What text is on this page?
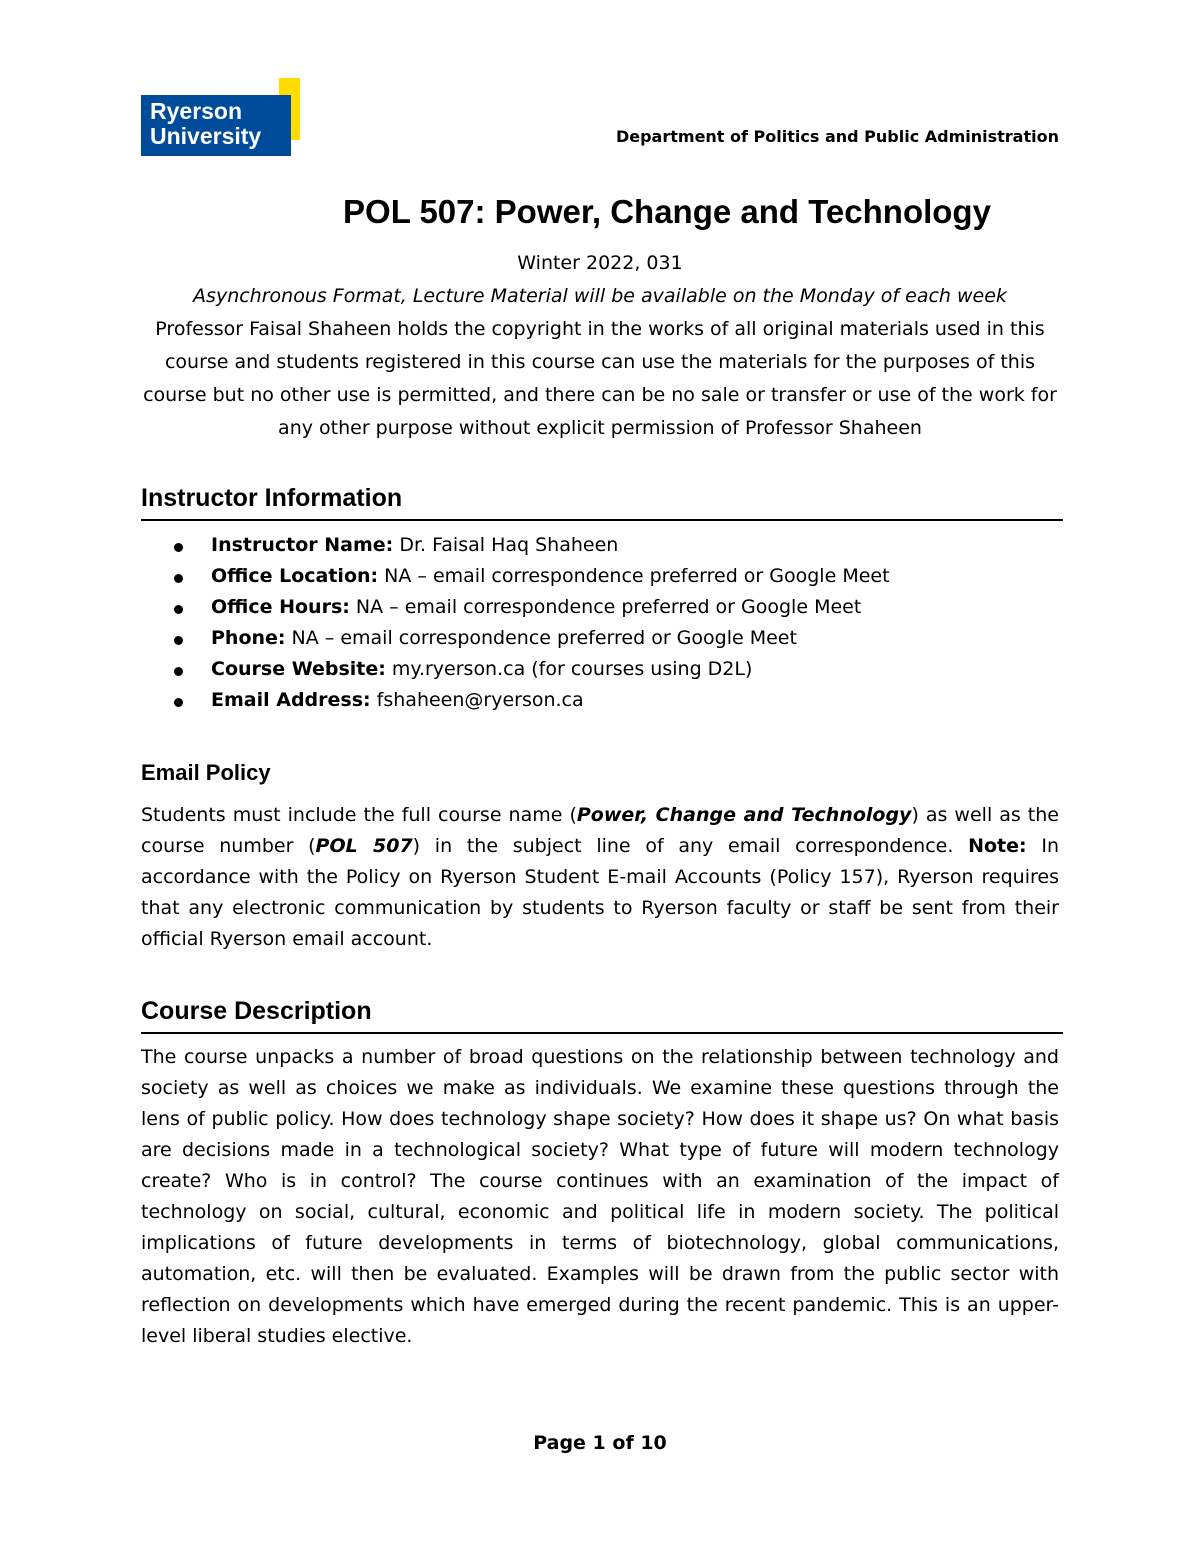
Ryerson
University	Department of Politics and Public Administration
POL 507: Power, Change and Technology
Winter 2022, 031
Asynchronous Format, Lecture Material will be available on the Monday of each week
Professor Faisal Shaheen holds the copyright in the works of all original materials used in this course and students registered in this course can use the materials for the purposes of this course but no other use is permitted, and there can be no sale or transfer or use of the work for any other purpose without explicit permission of Professor Shaheen
Instructor Information
Instructor Name: Dr. Faisal Haq Shaheen
Office Location: NA – email correspondence preferred or Google Meet
Office Hours: NA – email correspondence preferred or Google Meet
Phone: NA – email correspondence preferred or Google Meet
Course Website: my.ryerson.ca (for courses using D2L)
Email Address: fshaheen@ryerson.ca
Email Policy
Students must include the full course name (Power, Change and Technology) as well as the course number (POL 507) in the subject line of any email correspondence. Note: In accordance with the Policy on Ryerson Student E-mail Accounts (Policy 157), Ryerson requires that any electronic communication by students to Ryerson faculty or staff be sent from their official Ryerson email account.
Course Description
The course unpacks a number of broad questions on the relationship between technology and society as well as choices we make as individuals. We examine these questions through the lens of public policy. How does technology shape society? How does it shape us? On what basis are decisions made in a technological society? What type of future will modern technology create? Who is in control? The course continues with an examination of the impact of technology on social, cultural, economic and political life in modern society. The political implications of future developments in terms of biotechnology, global communications, automation, etc. will then be evaluated. Examples will be drawn from the public sector with reflection on developments which have emerged during the recent pandemic. This is an upper-level liberal studies elective.
Page 1 of 10
